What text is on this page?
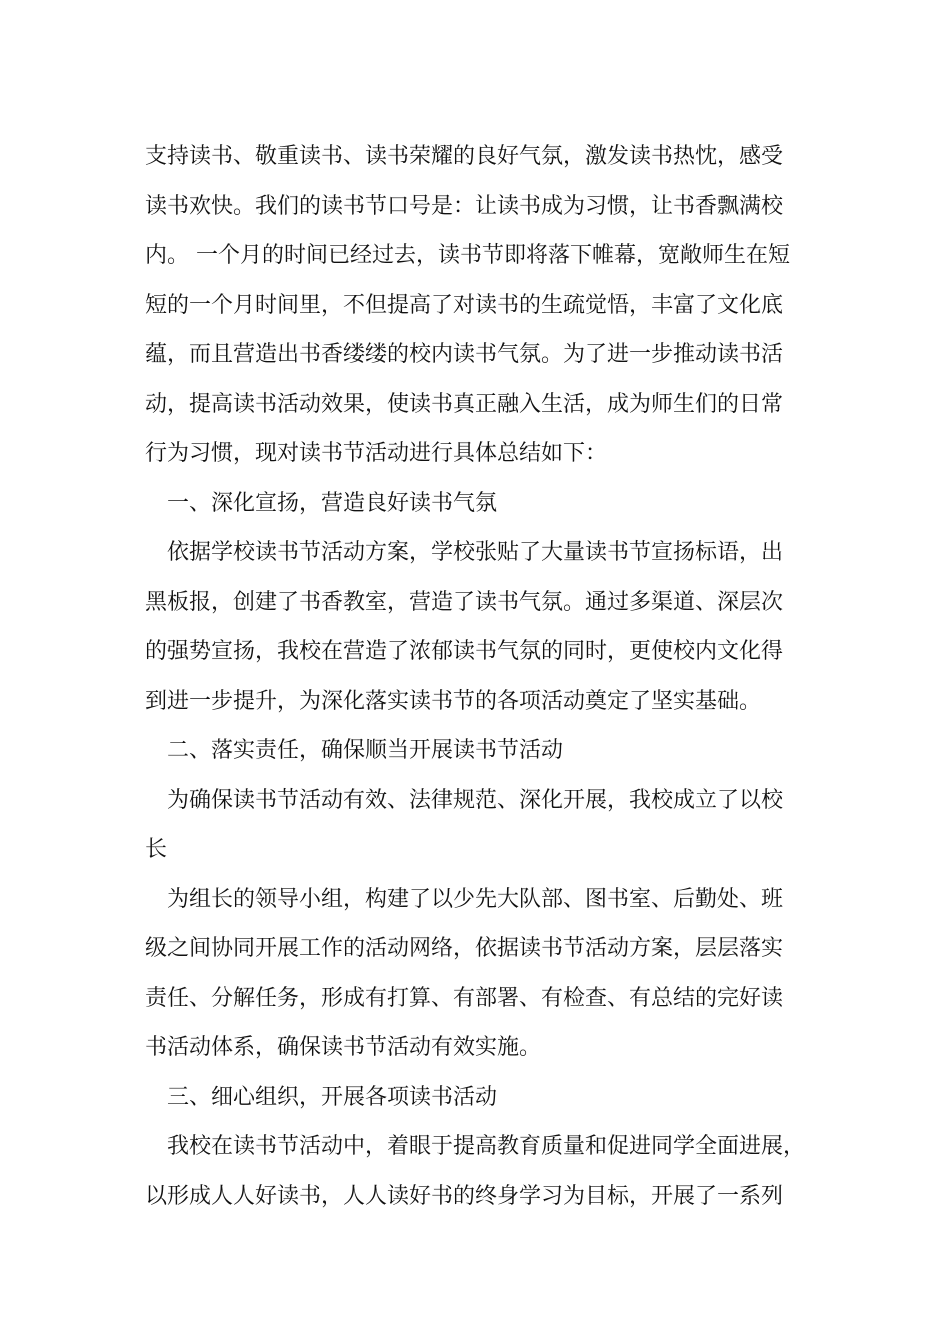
支持读书、敬重读书、读书荣耀的良好气氛，激发读书热忱，感受
读书欢快。我们的读书节口号是：让读书成为习惯，让书香飘满校
内。 一个月的时间已经过去，读书节即将落下帷幕，宽敞师生在短
短的一个月时间里，不但提高了对读书的生疏觉悟，丰富了文化底
蕴，而且营造出书香缕缕的校内读书气氛。为了进一步推动读书活
动，提高读书活动效果，使读书真正融入生活，成为师生们的日常
行为习惯，现对读书节活动进行具体总结如下：
一、深化宣扬，营造良好读书气氛
依据学校读书节活动方案，学校张贴了大量读书节宣扬标语，出
黑板报，创建了书香教室，营造了读书气氛。通过多渠道、深层次
的强势宣扬，我校在营造了浓郁读书气氛的同时，更使校内文化得
到进一步提升，为深化落实读书节的各项活动奠定了坚实基础。
二、落实责任，确保顺当开展读书节活动
为确保读书节活动有效、法律规范、深化开展，我校成立了以校
长
为组长的领导小组，构建了以少先大队部、图书室、后勤处、班
级之间协同开展工作的活动网络，依据读书节活动方案，层层落实
责任、分解任务，形成有打算、有部署、有检查、有总结的完好读
书活动体系，确保读书节活动有效实施。
三、细心组织，开展各项读书活动
我校在读书节活动中，着眼于提高教育质量和促进同学全面进展，
以形成人人好读书，人人读好书的终身学习为目标，开展了一系列
